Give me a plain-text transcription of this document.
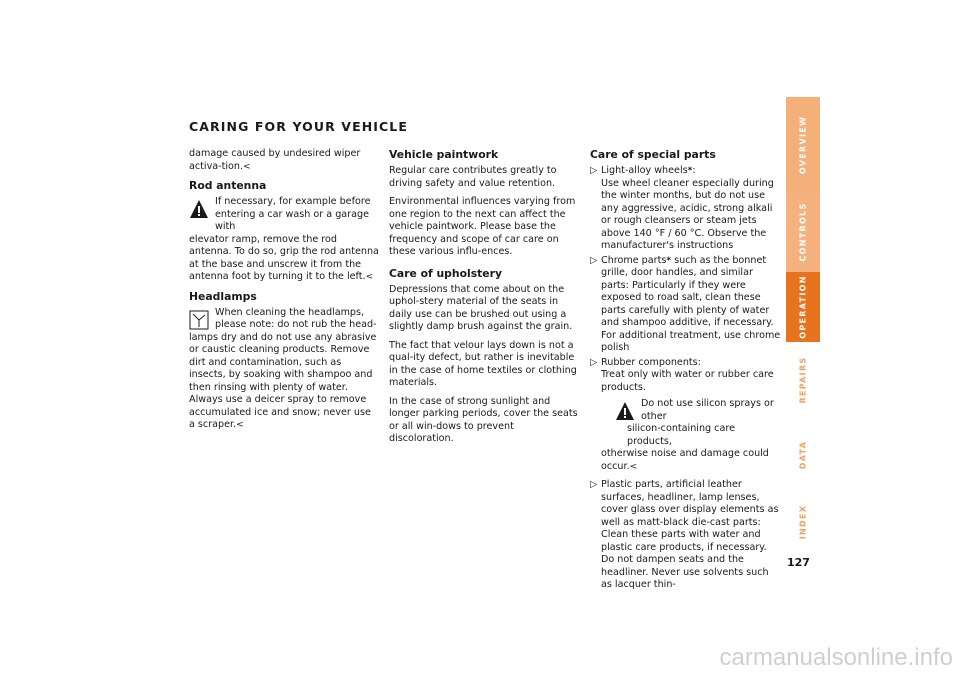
CARING FOR YOUR VEHICLE

damage caused by undesired wiper activa-tion.<

Rod antenna
If necessary, for example before
entering a car wash or a garage with
elevator ramp, remove the rod antenna. To do so, grip the rod antenna at the base and unscrew it from the antenna foot by turning it to the left.<
Headlamps
When cleaning the headlamps,
please note: do not rub the head-
lamps dry and do not use any abrasive or caustic cleaning products. Remove dirt and contamination, such as insects, by soaking with shampoo and then rinsing with plenty of water. Always use a deicer spray to remove accumulated ice and snow; never use a scraper.<
Vehicle paintwork

Regular care contributes greatly to driving safety and value retention.

Environmental influences varying from one region to the next can affect the vehicle paintwork. Please base the frequency and scope of car care on these various influ-ences.

Care of upholstery

Depressions that come about on the uphol-stery material of the seats in daily use can be brushed out using a slightly damp brush against the grain.

The fact that velour lays down is not a qual-ity defect, but rather is inevitable in the case of home textiles or clothing materials.

In the case of strong sunlight and longer parking periods, cover the seats or all win-dows to prevent discoloration.

Care of special parts
▷ Light-alloy wheels*:
Use wheel cleaner especially during the winter months, but do not use any aggressive, acidic, strong alkali or rough cleansers or steam jets above 140 °F / 60 °C. Observe the manufacturer's instructions
▷ Chrome parts* such as the bonnet grille, door handles, and similar parts: Particularly if they were exposed to road salt, clean these parts carefully with plenty of water and shampoo additive, if necessary. For additional treatment, use chrome polish
▷ Rubber components:
Treat only with water or rubber care products.
Do not use silicon sprays or other
silicon-containing care products,
otherwise noise and damage could occur.<
▷ Plastic parts, artificial leather surfaces, headliner, lamp lenses, cover glass over display elements as well as matt-black die-cast parts:
Clean these parts with water and plastic care products, if necessary. Do not dampen seats and the headliner. Never use solvents such as lacquer thin-
OVERVIEW
CONTROLS
OPERATION
REPAIRS
DATA
INDEX
127
carmanualsonline.info
